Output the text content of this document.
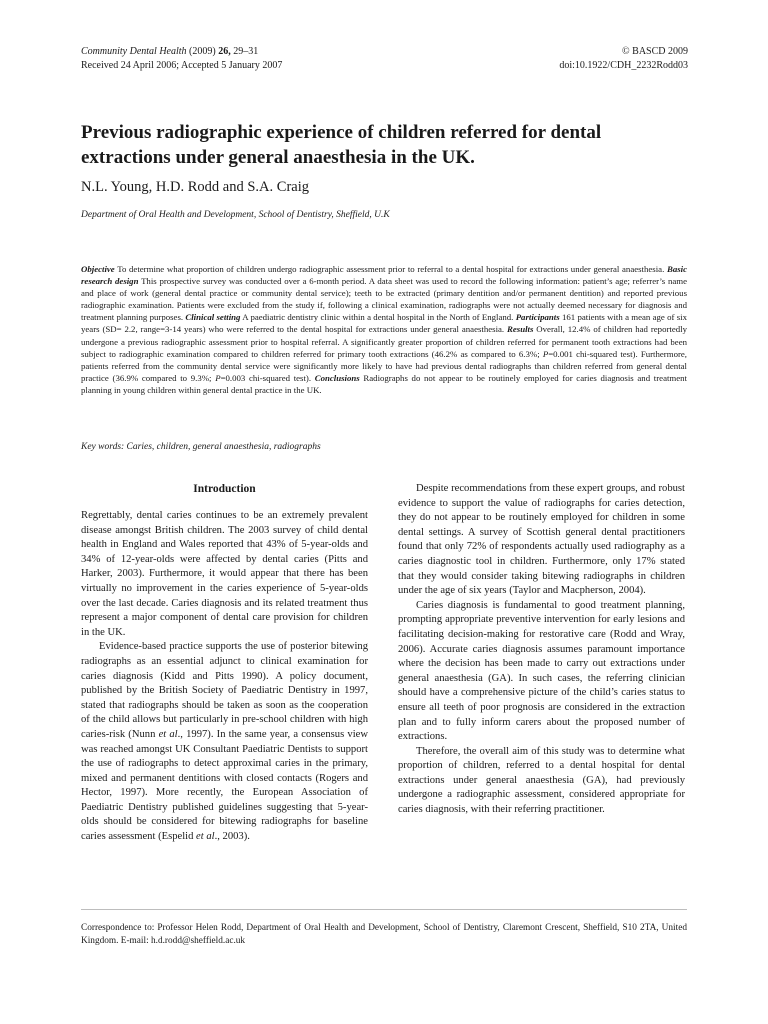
Community Dental Health (2009) 26, 29–31
Received 24 April 2006; Accepted 5 January 2007
© BASCD 2009
doi:10.1922/CDH_2232Rodd03
Previous radiographic experience of children referred for dental extractions under general anaesthesia in the UK.
N.L. Young, H.D. Rodd and S.A. Craig
Department of Oral Health and Development, School of Dentistry, Sheffield, U.K

Objective To determine what proportion of children undergo radiographic assessment prior to referral to a dental hospital for extractions under general anaesthesia. Basic research design This prospective survey was conducted over a 6-month period. A data sheet was used to record the following information: patient’s age; referrer’s name and place of work (general dental practice or community dental service); teeth to be extracted (primary dentition and/or permanent dentition) and reported previous radiographic examination. Patients were excluded from the study if, following a clinical examination, radiographs were not actually deemed necessary for diagnosis and treatment planning purposes. Clinical setting A paediatric dentistry clinic within a dental hospital in the North of England. Participants 161 patients with a mean age of six years (SD= 2.2, range=3-14 years) who were referred to the dental hospital for extractions under general anaesthesia. Results Overall, 12.4% of children had reportedly undergone a previous radiographic assessment prior to hospital referral. A significantly greater proportion of children referred for permanent tooth extractions had been subject to radiographic examination compared to children referred for primary tooth extractions (46.2% as compared to 6.3%; P=0.001 chi-squared test). Furthermore, patients referred from the community dental service were significantly more likely to have had previous dental radiographs than children referred from general dental practice (36.9% compared to 9.3%; P=0.003 chi-squared test). Conclusions Radiographs do not appear to be routinely employed for caries diagnosis and treatment planning in young children within general dental practice in the UK.

Key words: Caries, children, general anaesthesia, radiographs
Introduction

Regrettably, dental caries continues to be an extremely prevalent disease amongst British children. The 2003 survey of child dental health in England and Wales reported that 43% of 5-year-olds and 34% of 12-year-olds were affected by dental caries (Pitts and Harker, 2003). Furthermore, it would appear that there has been virtually no improvement in the caries experience of 5-year-olds over the last decade. Caries diagnosis and its related treatment thus represent a major component of dental care provision for children in the UK.

Evidence-based practice supports the use of posterior bitewing radiographs as an essential adjunct to clinical examination for caries diagnosis (Kidd and Pitts 1990). A policy document, published by the British Society of Paediatric Dentistry in 1997, stated that radiographs should be taken as soon as the cooperation of the child allows but particularly in pre-school children with high caries-risk (Nunn et al., 1997). In the same year, a consensus view was reached amongst UK Consultant Paediatric Dentists to support the use of radiographs to detect approximal caries in the primary, mixed and permanent dentitions with closed contacts (Rogers and Hector, 1997). More recently, the European Association of Paediatric Dentistry published guidelines suggesting that 5-year-olds should be considered for bitewing radiographs for baseline caries assessment (Espelid et al., 2003).

Despite recommendations from these expert groups, and robust evidence to support the value of radiographs for caries detection, they do not appear to be routinely employed for children in some dental settings. A survey of Scottish general dental practitioners found that only 72% of respondents actually used radiography as a caries diagnostic tool in children. Furthermore, only 17% stated that they would consider taking bitewing radiographs in children under the age of six years (Taylor and Macpherson, 2004).

Caries diagnosis is fundamental to good treatment planning, prompting appropriate preventive intervention for early lesions and facilitating decision-making for restorative care (Rodd and Wray, 2006). Accurate caries diagnosis assumes paramount importance where the decision has been made to carry out extractions under general anaesthesia (GA). In such cases, the referring clinician should have a comprehensive picture of the child’s caries status to ensure all teeth of poor prognosis are considered in the extraction plan and to fully inform carers about the proposed number of extractions.

Therefore, the overall aim of this study was to determine what proportion of children, referred to a dental hospital for dental extractions under general anaesthesia (GA), had previously undergone a radiographic assessment, considered appropriate for caries diagnosis, with their referring practitioner.

Correspondence to: Professor Helen Rodd, Department of Oral Health and Development, School of Dentistry, Claremont Crescent, Sheffield, S10 2TA, United Kingdom. E-mail: h.d.rodd@sheffield.ac.uk
